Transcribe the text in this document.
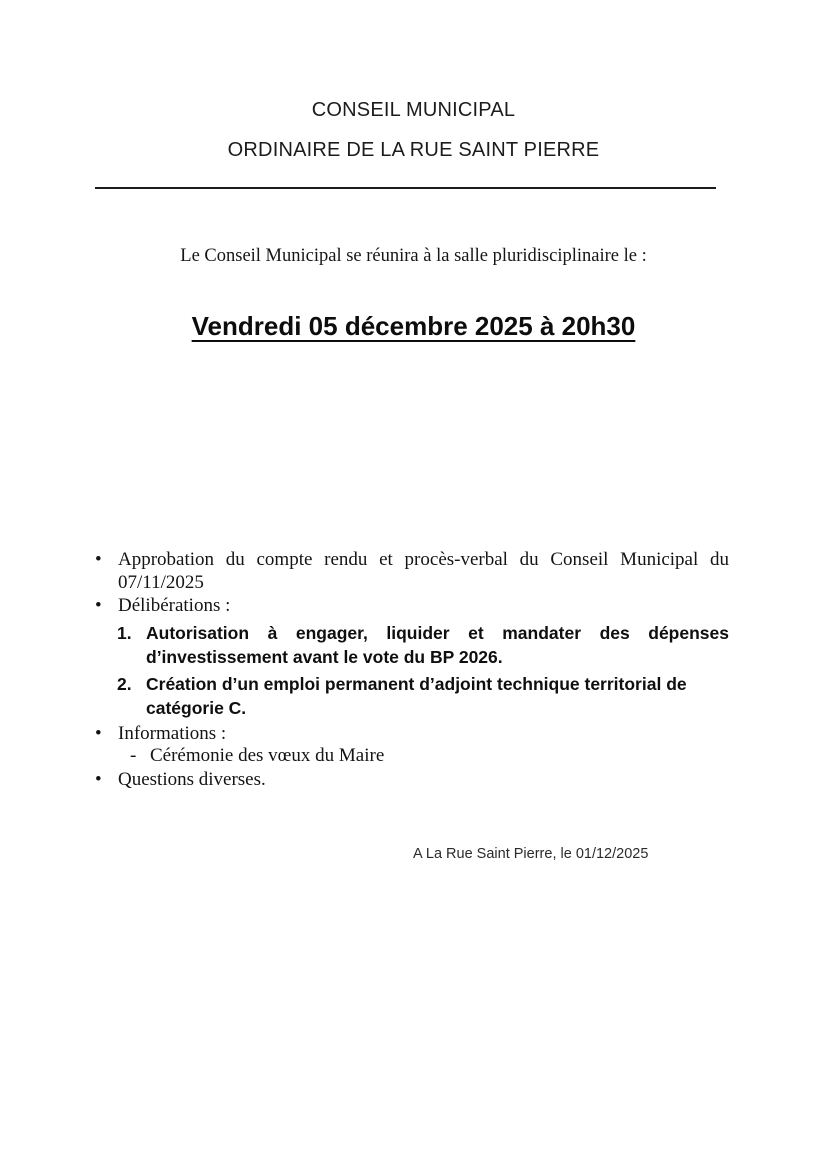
CONSEIL MUNICIPAL
ORDINAIRE DE LA RUE SAINT PIERRE
Le Conseil Municipal se réunira à la salle pluridisciplinaire le :
Vendredi 05 décembre 2025 à 20h30
• Approbation du compte rendu et procès-verbal du Conseil Municipal du 07/11/2025
• Délibérations :
1. Autorisation à engager, liquider et mandater des dépenses d’investissement avant le vote du BP 2026.
2. Création d’un emploi permanent d’adjoint technique territorial de catégorie C.
• Informations :
- Cérémonie des vœux du Maire
• Questions diverses.
A La Rue Saint Pierre, le 01/12/2025
